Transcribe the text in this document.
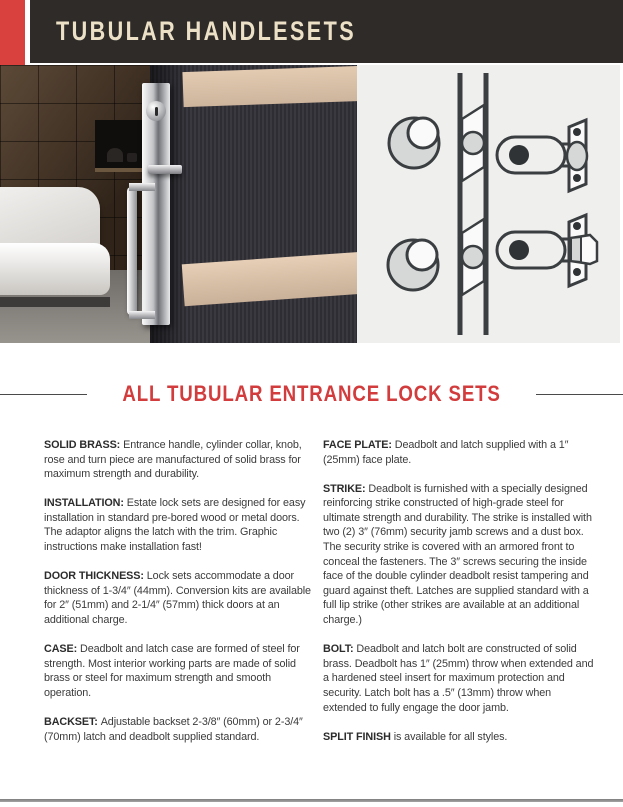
TUBULAR HANDLESETS
ALL TUBULAR ENTRANCE LOCK SETS

SOLID BRASS: Entrance handle, cylinder collar, knob, rose and turn piece are manufactured of solid brass for maximum strength and durability.

INSTALLATION: Estate lock sets are designed for easy installation in standard pre-bored wood or metal doors. The adaptor aligns the latch with the trim. Graphic instructions make installation fast!

DOOR THICKNESS: Lock sets accommodate a door thickness of 1-3/4″ (44mm). Conversion kits are available for 2″ (51mm) and 2-1/4″ (57mm) thick doors at an additional charge.

CASE: Deadbolt and latch case are formed of steel for strength. Most interior working parts are made of solid brass or steel for maximum strength and smooth operation.

BACKSET: Adjustable backset 2-3/8″ (60mm) or 2-3/4″ (70mm) latch and deadbolt supplied standard.

FACE PLATE: Deadbolt and latch supplied with a 1″ (25mm) face plate.

STRIKE: Deadbolt is furnished with a specially designed reinforcing strike constructed of high-grade steel for ultimate strength and durability. The strike is installed with two (2) 3″ (76mm) security jamb screws and a dust box. The security strike is covered with an armored front to conceal the fasteners. The 3″ screws securing the inside face of the double cylinder deadbolt resist tampering and guard against theft. Latches are supplied standard with a full lip strike (other strikes are available at an additional charge.)

BOLT: Deadbolt and latch bolt are constructed of solid brass. Deadbolt has 1″ (25mm) throw when extended and a hardened steel insert for maximum protection and security. Latch bolt has a .5″ (13mm) throw when extended to fully engage the door jamb.

SPLIT FINISH is available for all styles.
